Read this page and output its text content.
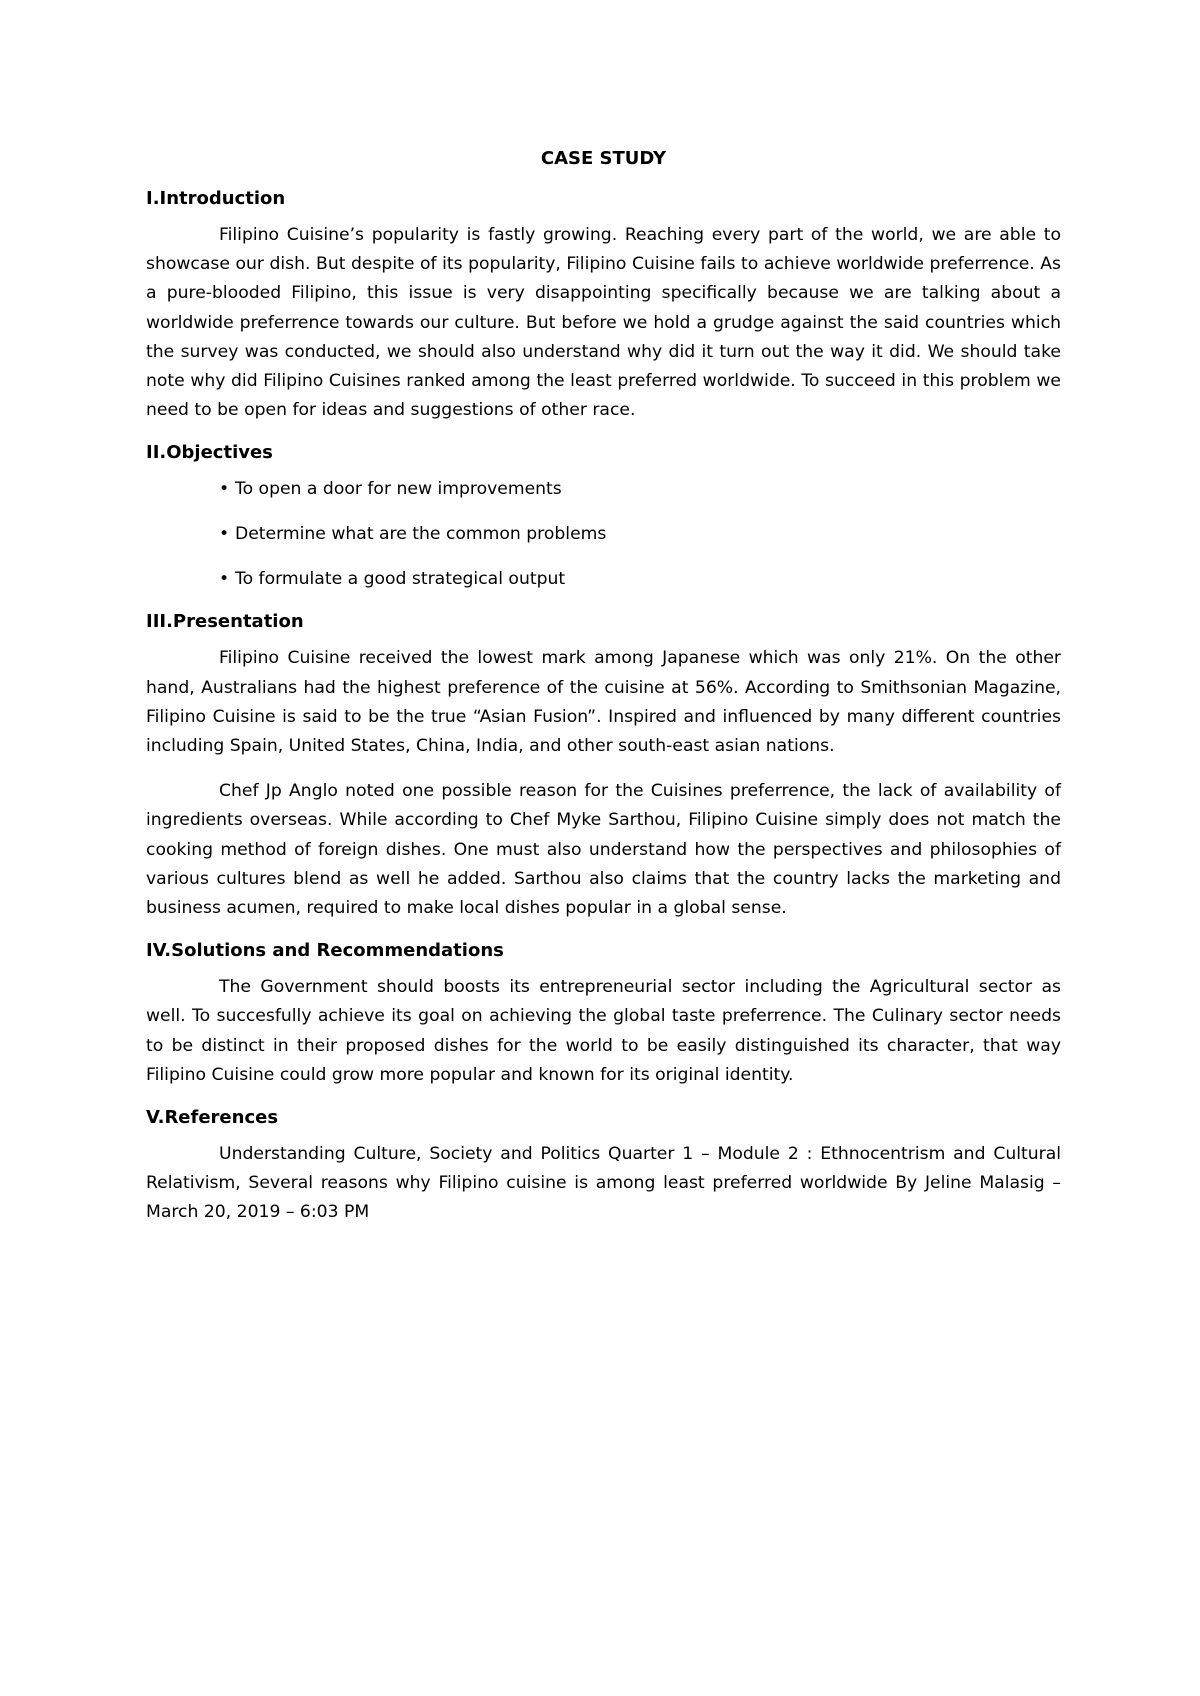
CASE STUDY
I.Introduction

Filipino Cuisine’s popularity is fastly growing. Reaching every part of the world, we are able to showcase our dish. But despite of its popularity, Filipino Cuisine fails to achieve worldwide preferrence. As a pure-blooded Filipino, this issue is very disappointing specifically because we are talking about a worldwide preferrence towards our culture. But before we hold a grudge against the said countries which the survey was conducted, we should also understand why did it turn out the way it did. We should take note why did Filipino Cuisines ranked among the least preferred worldwide. To succeed in this problem we need to be open for ideas and suggestions of other race.

II.Objectives
• To open a door for new improvements
• Determine what are the common problems
• To formulate a good strategical output
III.Presentation

Filipino Cuisine received the lowest mark among Japanese which was only 21%. On the other hand, Australians had the highest preference of the cuisine at 56%. According to Smithsonian Magazine, Filipino Cuisine is said to be the true “Asian Fusion”. Inspired and influenced by many different countries including Spain, United States, China, India, and other south-east asian nations.

Chef Jp Anglo noted one possible reason for the Cuisines preferrence, the lack of availability of ingredients overseas. While according to Chef Myke Sarthou, Filipino Cuisine simply does not match the cooking method of foreign dishes. One must also understand how the perspectives and philosophies of various cultures blend as well he added. Sarthou also claims that the country lacks the marketing and business acumen, required to make local dishes popular in a global sense.

IV.Solutions and Recommendations

The Government should boosts its entrepreneurial sector including the Agricultural sector as well. To succesfully achieve its goal on achieving the global taste preferrence. The Culinary sector needs to be distinct in their proposed dishes for the world to be easily distinguished its character, that way Filipino Cuisine could grow more popular and known for its original identity.

V.References

Understanding Culture, Society and Politics Quarter 1 – Module 2 : Ethnocentrism and Cultural Relativism, Several reasons why Filipino cuisine is among least preferred worldwide By Jeline Malasig – March 20, 2019 – 6:03 PM
